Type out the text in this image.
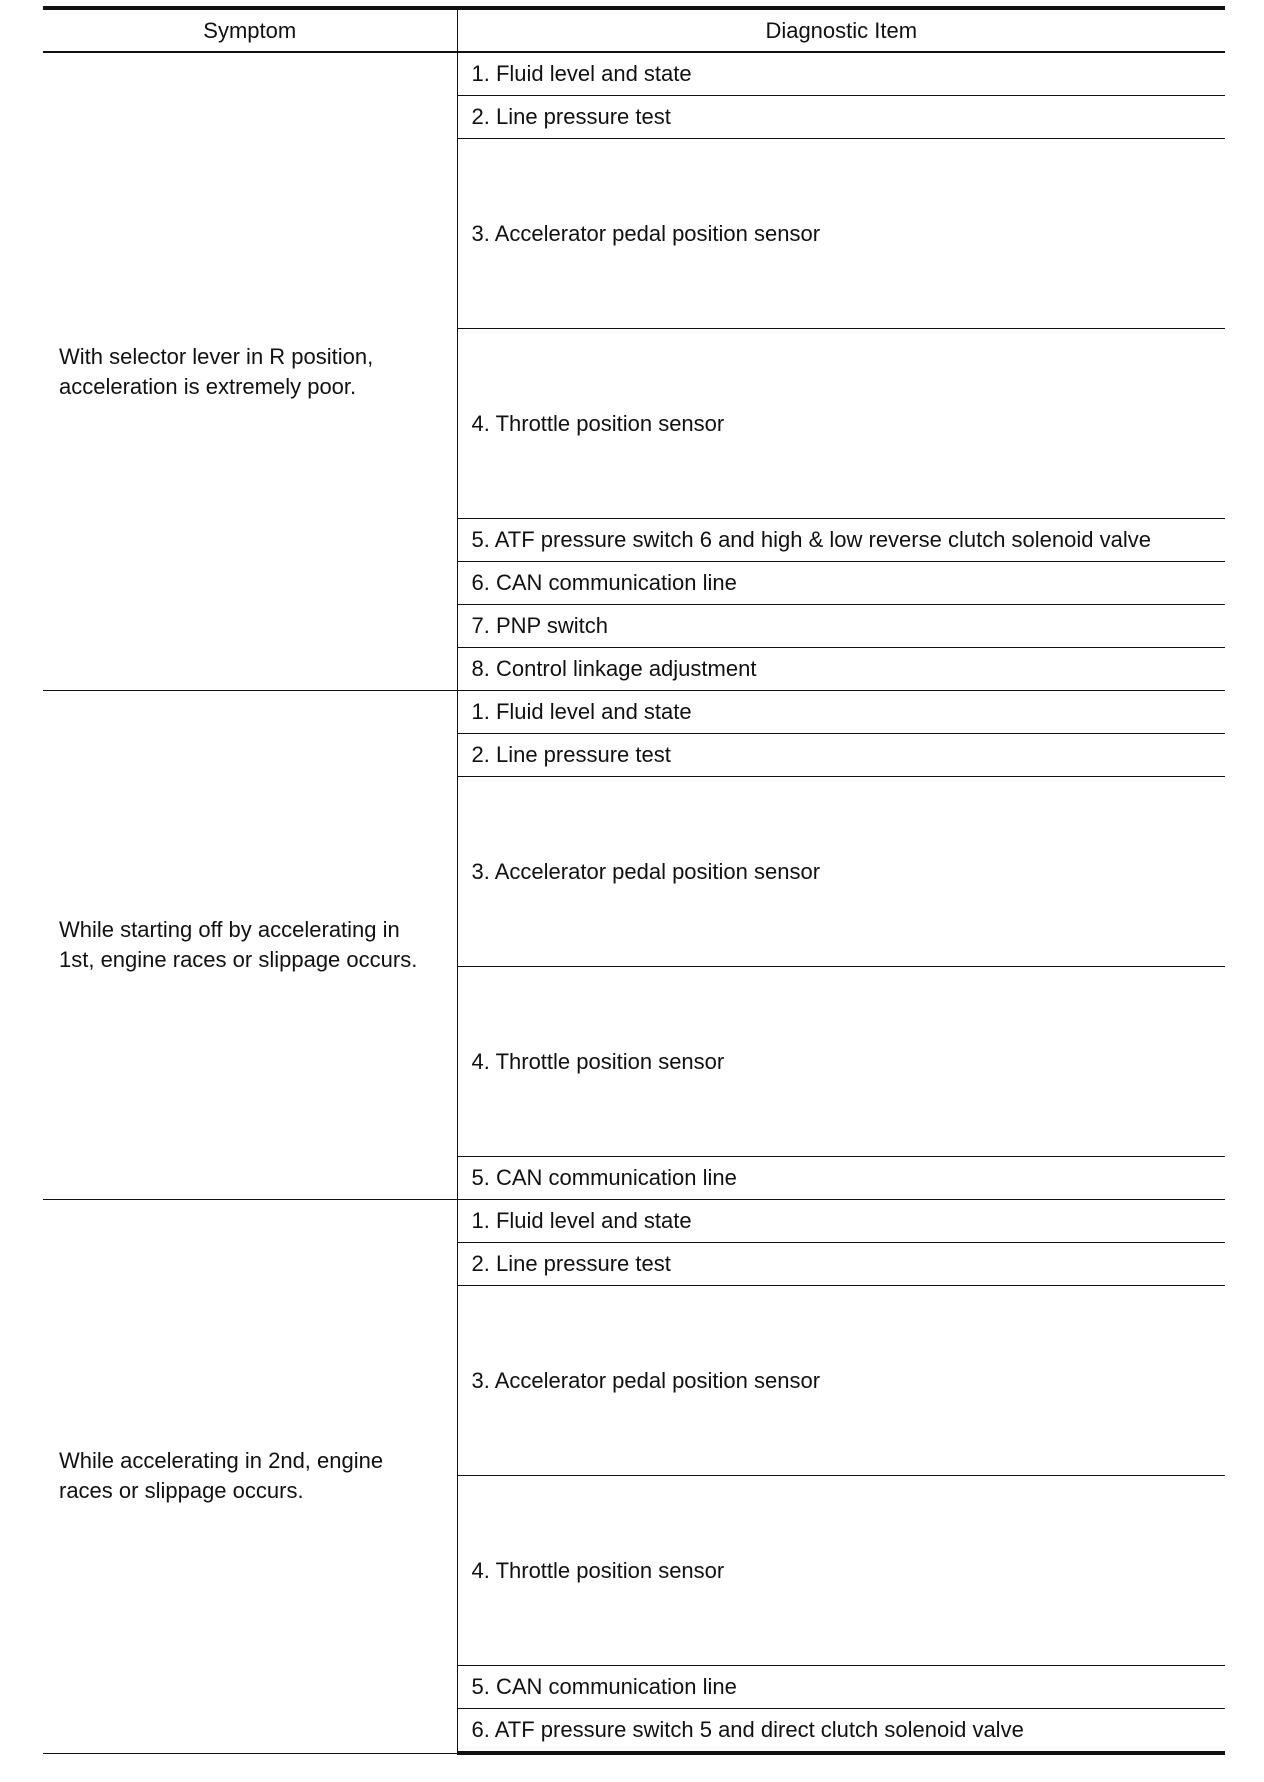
Symptom	Diagnostic Item

With selector lever in R position,
acceleration is extremely poor.	1. Fluid level and state
	2. Line pressure test
	3. Accelerator pedal position sensor
	4. Throttle position sensor
	5. ATF pressure switch 6 and high & low reverse clutch solenoid valve
	6. CAN communication line
	7. PNP switch
	8. Control linkage adjustment

While starting off by accelerating in
1st, engine races or slippage occurs.	1. Fluid level and state
	2. Line pressure test
	3. Accelerator pedal position sensor
	4. Throttle position sensor
	5. CAN communication line

While accelerating in 2nd, engine
races or slippage occurs.	1. Fluid level and state
	2. Line pressure test
	3. Accelerator pedal position sensor
	4. Throttle position sensor
	5. CAN communication line
	6. ATF pressure switch 5 and direct clutch solenoid valve
